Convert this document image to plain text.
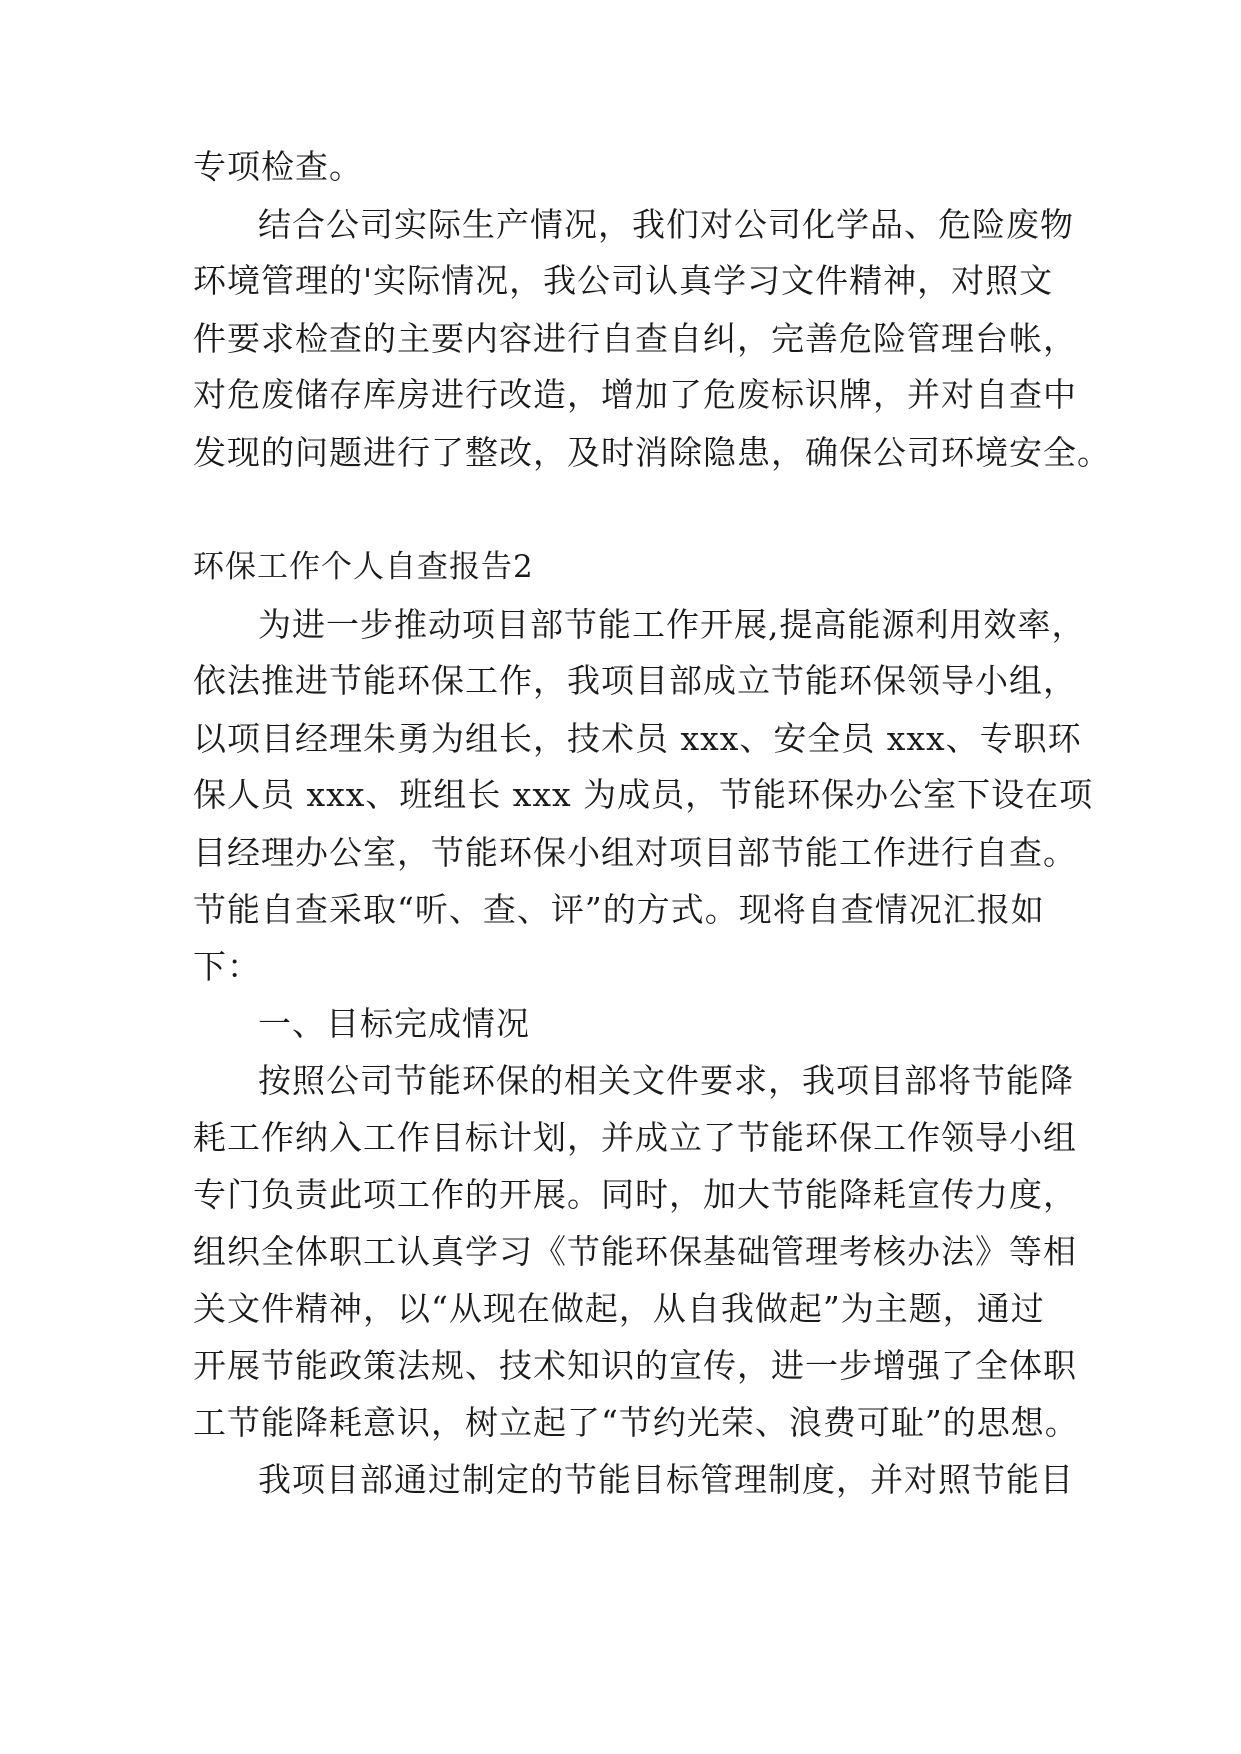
专项检查。
结合公司实际生产情况，我们对公司化学品、危险废物
环境管理的'实际情况，我公司认真学习文件精神，对照文
件要求检查的主要内容进行自查自纠，完善危险管理台帐，
对危废储存库房进行改造，增加了危废标识牌，并对自查中
发现的问题进行了整改，及时消除隐患，确保公司环境安全。
环保工作个人自查报告2
为进一步推动项目部节能工作开展,提高能源利用效率，
依法推进节能环保工作，我项目部成立节能环保领导小组，
以项目经理朱勇为组长，技术员 xxx、安全员 xxx、专职环
保人员 xxx、班组长 xxx 为成员，节能环保办公室下设在项
目经理办公室，节能环保小组对项目部节能工作进行自查。
节能自查采取“听、查、评”的方式。现将自查情况汇报如
下：
一、目标完成情况
按照公司节能环保的相关文件要求，我项目部将节能降
耗工作纳入工作目标计划，并成立了节能环保工作领导小组
专门负责此项工作的开展。同时，加大节能降耗宣传力度，
组织全体职工认真学习《节能环保基础管理考核办法》等相
关文件精神，以“从现在做起，从自我做起”为主题，通过
开展节能政策法规、技术知识的宣传，进一步增强了全体职
工节能降耗意识，树立起了“节约光荣、浪费可耻”的思想。
我项目部通过制定的节能目标管理制度，并对照节能目
